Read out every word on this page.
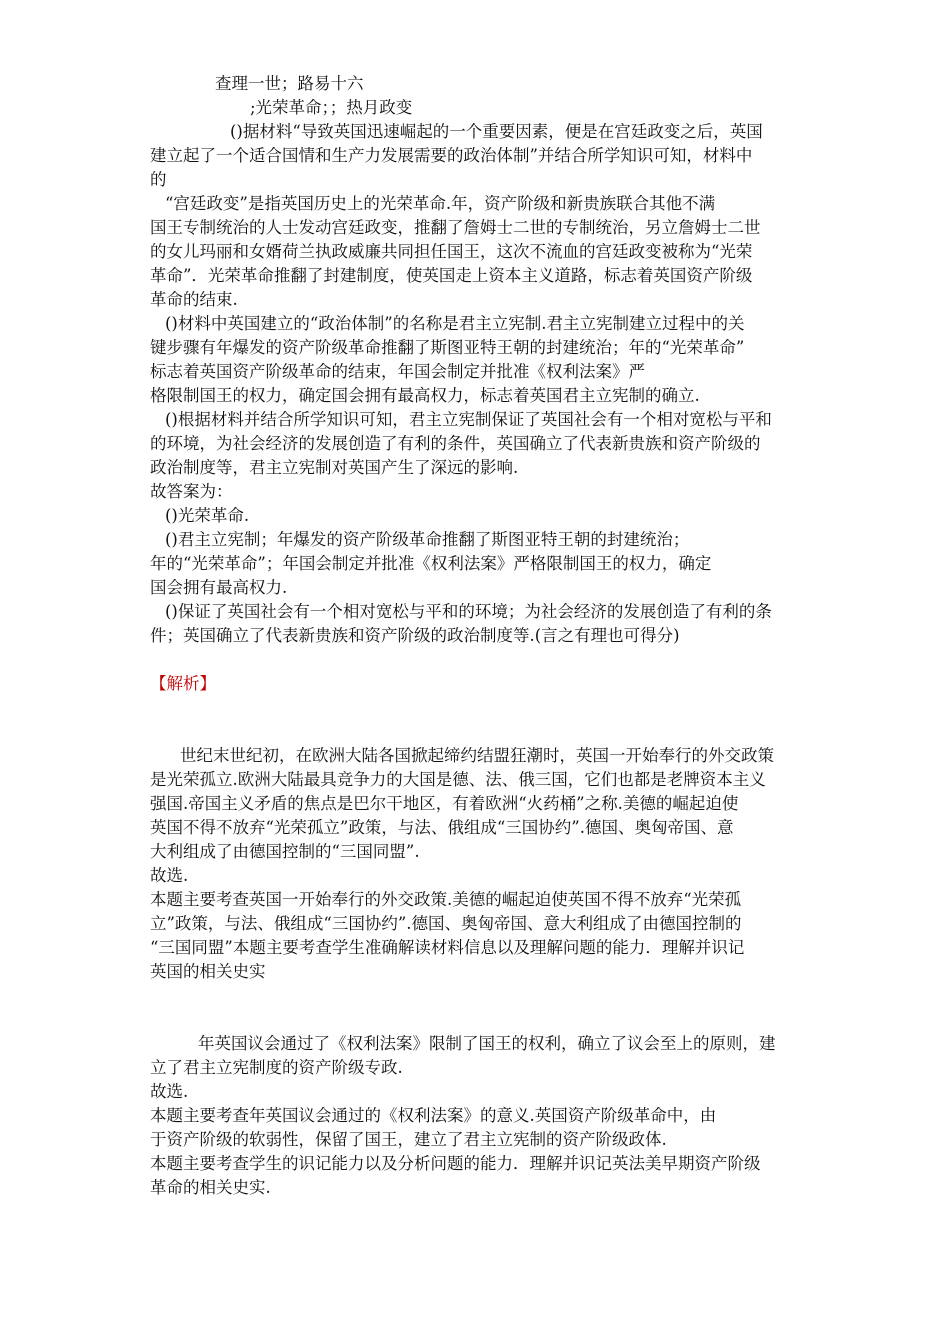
查理一世；路易十六
;光荣革命；；热月政变
()据材料“导致英国迅速崛起的一个重要因素，便是在宫廷政变之后，英国
建立起了一个适合国情和生产力发展需要的政治体制”并结合所学知识可知，材料中
的
“宫廷政变”是指英国历史上的光荣革命.年，资产阶级和新贵族联合其他不满
国王专制统治的人士发动宫廷政变，推翻了詹姆士二世的专制统治，另立詹姆士二世
的女儿玛丽和女婿荷兰执政威廉共同担任国王，这次不流血的宫廷政变被称为“光荣
革命”．光荣革命推翻了封建制度，使英国走上资本主义道路，标志着英国资产阶级
革命的结束.
()材料中英国建立的“政治体制”的名称是君主立宪制.君主立宪制建立过程中的关
键步骤有年爆发的资产阶级革命推翻了斯图亚特王朝的封建统治；年的“光荣革命”
标志着英国资产阶级革命的结束，年国会制定并批准《权利法案》严
格限制国王的权力，确定国会拥有最高权力，标志着英国君主立宪制的确立.
()根据材料并结合所学知识可知，君主立宪制保证了英国社会有一个相对宽松与平和
的环境，为社会经济的发展创造了有利的条件，英国确立了代表新贵族和资产阶级的
政治制度等，君主立宪制对英国产生了深远的影响.
故答案为：
()光荣革命.
()君主立宪制；年爆发的资产阶级革命推翻了斯图亚特王朝的封建统治；
年的“光荣革命”；年国会制定并批准《权利法案》严格限制国王的权力，确定
国会拥有最高权力.
()保证了英国社会有一个相对宽松与平和的环境；为社会经济的发展创造了有利的条
件；英国确立了代表新贵族和资产阶级的政治制度等.(言之有理也可得分)
【解析】
世纪末世纪初，在欧洲大陆各国掀起缔约结盟狂潮时，英国一开始奉行的外交政策
是光荣孤立.欧洲大陆最具竞争力的大国是德、法、俄三国，它们也都是老牌资本主义
强国.帝国主义矛盾的焦点是巴尔干地区，有着欧洲“火药桶”之称.美德的崛起迫使
英国不得不放弃“光荣孤立”政策，与法、俄组成“三国协约”.德国、奥匈帝国、意
大利组成了由德国控制的“三国同盟”.
故选.
本题主要考查英国一开始奉行的外交政策.美德的崛起迫使英国不得不放弃“光荣孤
立”政策，与法、俄组成“三国协约”.德国、奥匈帝国、意大利组成了由德国控制的
“三国同盟”本题主要考查学生准确解读材料信息以及理解问题的能力．理解并识记
英国的相关史实
年英国议会通过了《权利法案》限制了国王的权利，确立了议会至上的原则，建
立了君主立宪制度的资产阶级专政.
故选.
本题主要考查年英国议会通过的《权利法案》的意义.英国资产阶级革命中，由
于资产阶级的软弱性，保留了国王，建立了君主立宪制的资产阶级政体.
本题主要考查学生的识记能力以及分析问题的能力．理解并识记英法美早期资产阶级
革命的相关史实.
